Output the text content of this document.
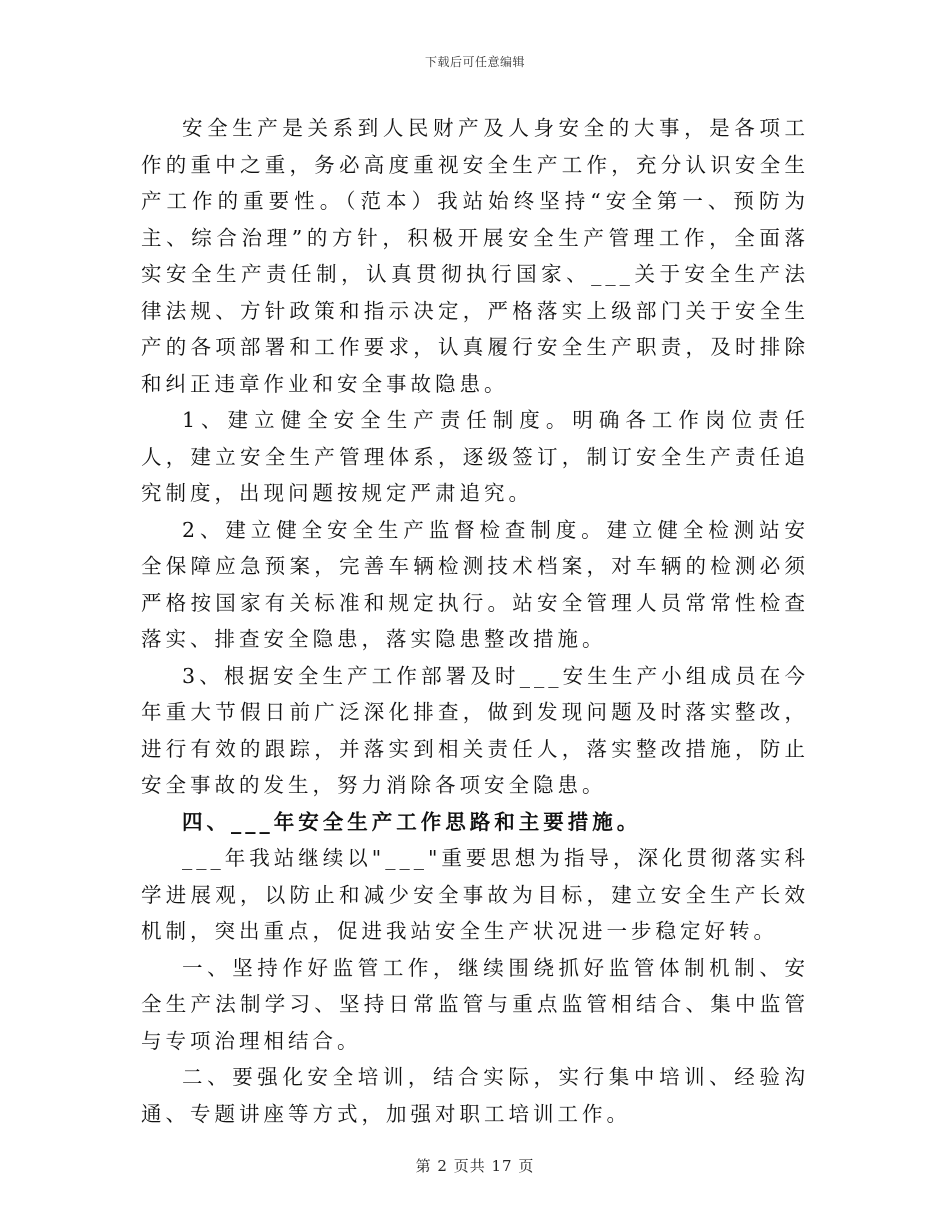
下载后可任意编辑

安全生产是关系到人民财产及人身安全的大事，是各项工作的重中之重，务必高度重视安全生产工作，充分认识安全生产工作的重要性。（范本）我站始终坚持“安全第一、预防为主、综合治理”的方针，积极开展安全生产管理工作，全面落实安全生产责任制，认真贯彻执行国家、___关于安全生产法律法规、方针政策和指示决定，严格落实上级部门关于安全生产的各项部署和工作要求，认真履行安全生产职责，及时排除和纠正违章作业和安全事故隐患。

1、建立健全安全生产责任制度。明确各工作岗位责任人，建立安全生产管理体系，逐级签订，制订安全生产责任追究制度，出现问题按规定严肃追究。

2、建立健全安全生产监督检查制度。建立健全检测站安全保障应急预案，完善车辆检测技术档案，对车辆的检测必须严格按国家有关标准和规定执行。站安全管理人员常常性检查落实、排查安全隐患，落实隐患整改措施。

3、根据安全生产工作部署及时___安生生产小组成员在今年重大节假日前广泛深化排查，做到发现问题及时落实整改，进行有效的跟踪，并落实到相关责任人，落实整改措施，防止安全事故的发生，努力消除各项安全隐患。

四、___年安全生产工作思路和主要措施。

___年我站继续以"___"重要思想为指导，深化贯彻落实科学进展观，以防止和减少安全事故为目标，建立安全生产长效机制，突出重点，促进我站安全生产状况进一步稳定好转。

一、坚持作好监管工作，继续围绕抓好监管体制机制、安全生产法制学习、坚持日常监管与重点监管相结合、集中监管与专项治理相结合。

二、要强化安全培训，结合实际，实行集中培训、经验沟通、专题讲座等方式，加强对职工培训工作。

第 2 页共 17 页
